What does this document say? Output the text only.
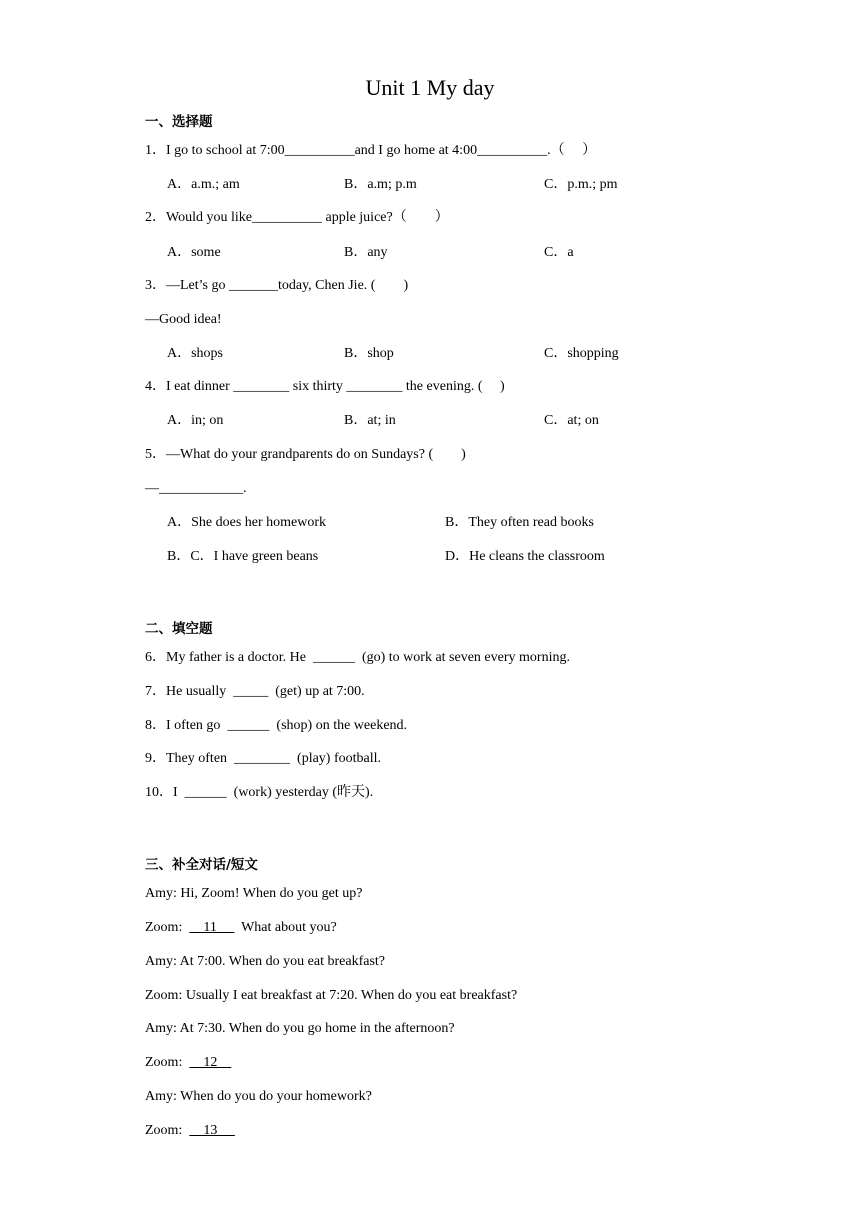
Unit 1 My day
一、选择题
1．I go to school at 7:00__________and I go home at 4:00__________.（　 ）
A．a.m.; am	B．a.m; p.m	C．p.m.; pm
2．Would you like__________ apple juice?（　　）
A．some	B．any	C．a
3．—Let’s go _______today, Chen Jie. (　　)
—Good idea!
A．shops	B．shop	C．shopping
4．I eat dinner ________ six thirty ________ the evening. (　 )
A．in; on	B．at; in	C．at; on
5．—What do your grandparents do on Sundays? (　　)
—____________.
A．She does her homework	B．They often read books
B．C．I have green beans	D．He cleans the classroom
二、填空题
6．My father is a doctor. He  ______  (go) to work at seven every morning.
7．He usually  _____  (get) up at 7:00.
8．I often go  ______  (shop) on the weekend.
9．They often  ________  (play) football.
10．I  ______  (work) yesterday (昨天).
三、补全对话/短文
Amy: Hi, Zoom! When do you get up?
Zoom:      11       What about you?
Amy: At 7:00. When do you eat breakfast?
Zoom: Usually I eat breakfast at 7:20. When do you eat breakfast?
Amy: At 7:30. When do you go home in the afternoon?
Zoom:      12
Amy: When do you do your homework?
Zoom:      13
